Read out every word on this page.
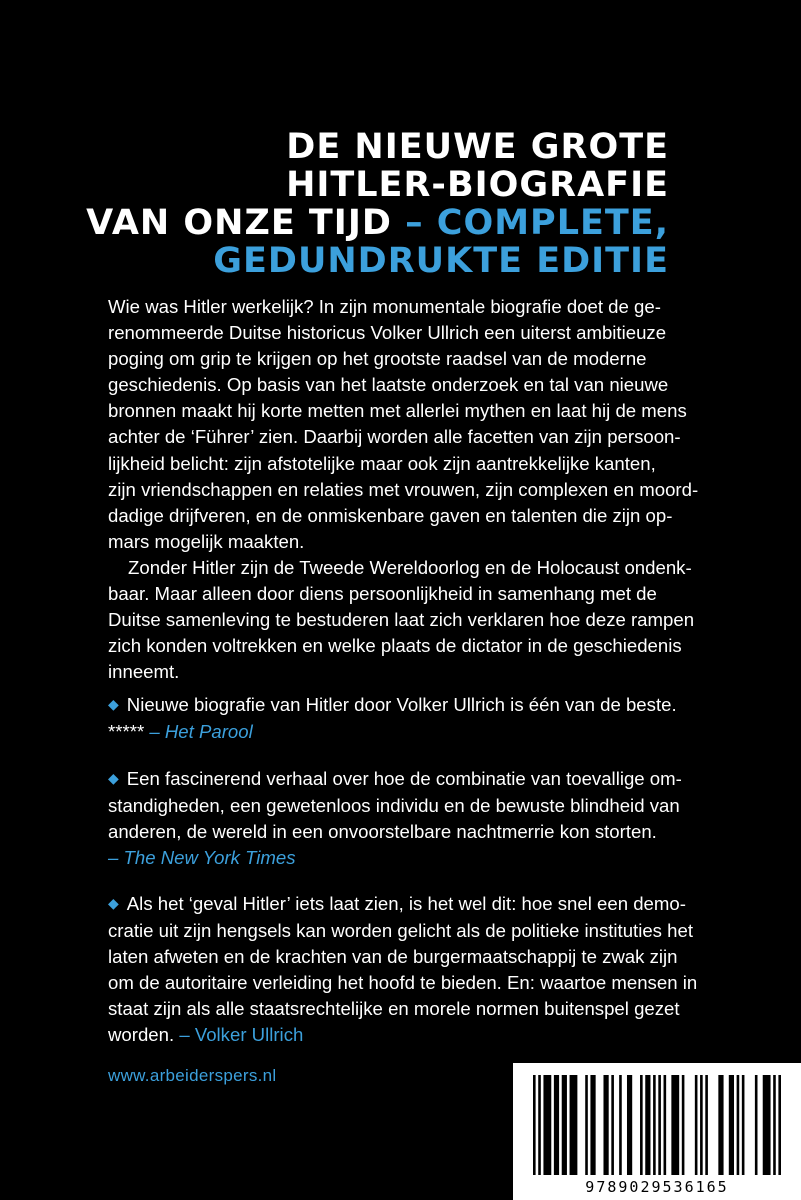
DE NIEUWE GROTE
HITLER-BIOGRAFIE
VAN ONZE TIJD – COMPLETE,
GEDUNDRUKTE EDITIE
Wie was Hitler werkelijk? In zijn monumentale biografie doet de ge-
renommeerde Duitse historicus Volker Ullrich een uiterst ambitieuze
poging om grip te krijgen op het grootste raadsel van de moderne
geschiedenis. Op basis van het laatste onderzoek en tal van nieuwe
bronnen maakt hij korte metten met allerlei mythen en laat hij de mens
achter de ‘Führer’ zien. Daarbij worden alle facetten van zijn persoon-
lijkheid belicht: zijn afstotelijke maar ook zijn aantrekkelijke kanten,
zijn vriendschappen en relaties met vrouwen, zijn complexen en moord-
dadige drijfveren, en de onmiskenbare gaven en talenten die zijn op-
mars mogelijk maakten.
Zonder Hitler zijn de Tweede Wereldoorlog en de Holocaust ondenk-
baar. Maar alleen door diens persoonlijkheid in samenhang met de
Duitse samenleving te bestuderen laat zich verklaren hoe deze rampen
zich konden voltrekken en welke plaats de dictator in de geschiedenis
inneemt.
◆ Nieuwe biografie van Hitler door Volker Ullrich is één van de beste.
***** – Het Parool
◆ Een fascinerend verhaal over hoe de combinatie van toevallige om-
standigheden, een gewetenloos individu en de bewuste blindheid van
anderen, de wereld in een onvoorstelbare nachtmerrie kon storten.
– The New York Times
◆ Als het ‘geval Hitler’ iets laat zien, is het wel dit: hoe snel een demo-
cratie uit zijn hengsels kan worden gelicht als de politieke instituties het
laten afweten en de krachten van de burgermaatschappij te zwak zijn
om de autoritaire verleiding het hoofd te bieden. En: waartoe mensen in
staat zijn als alle staatsrechtelijke en morele normen buitenspel gezet
worden. – Volker Ullrich
www.arbeiderspers.nl
9789029536165
